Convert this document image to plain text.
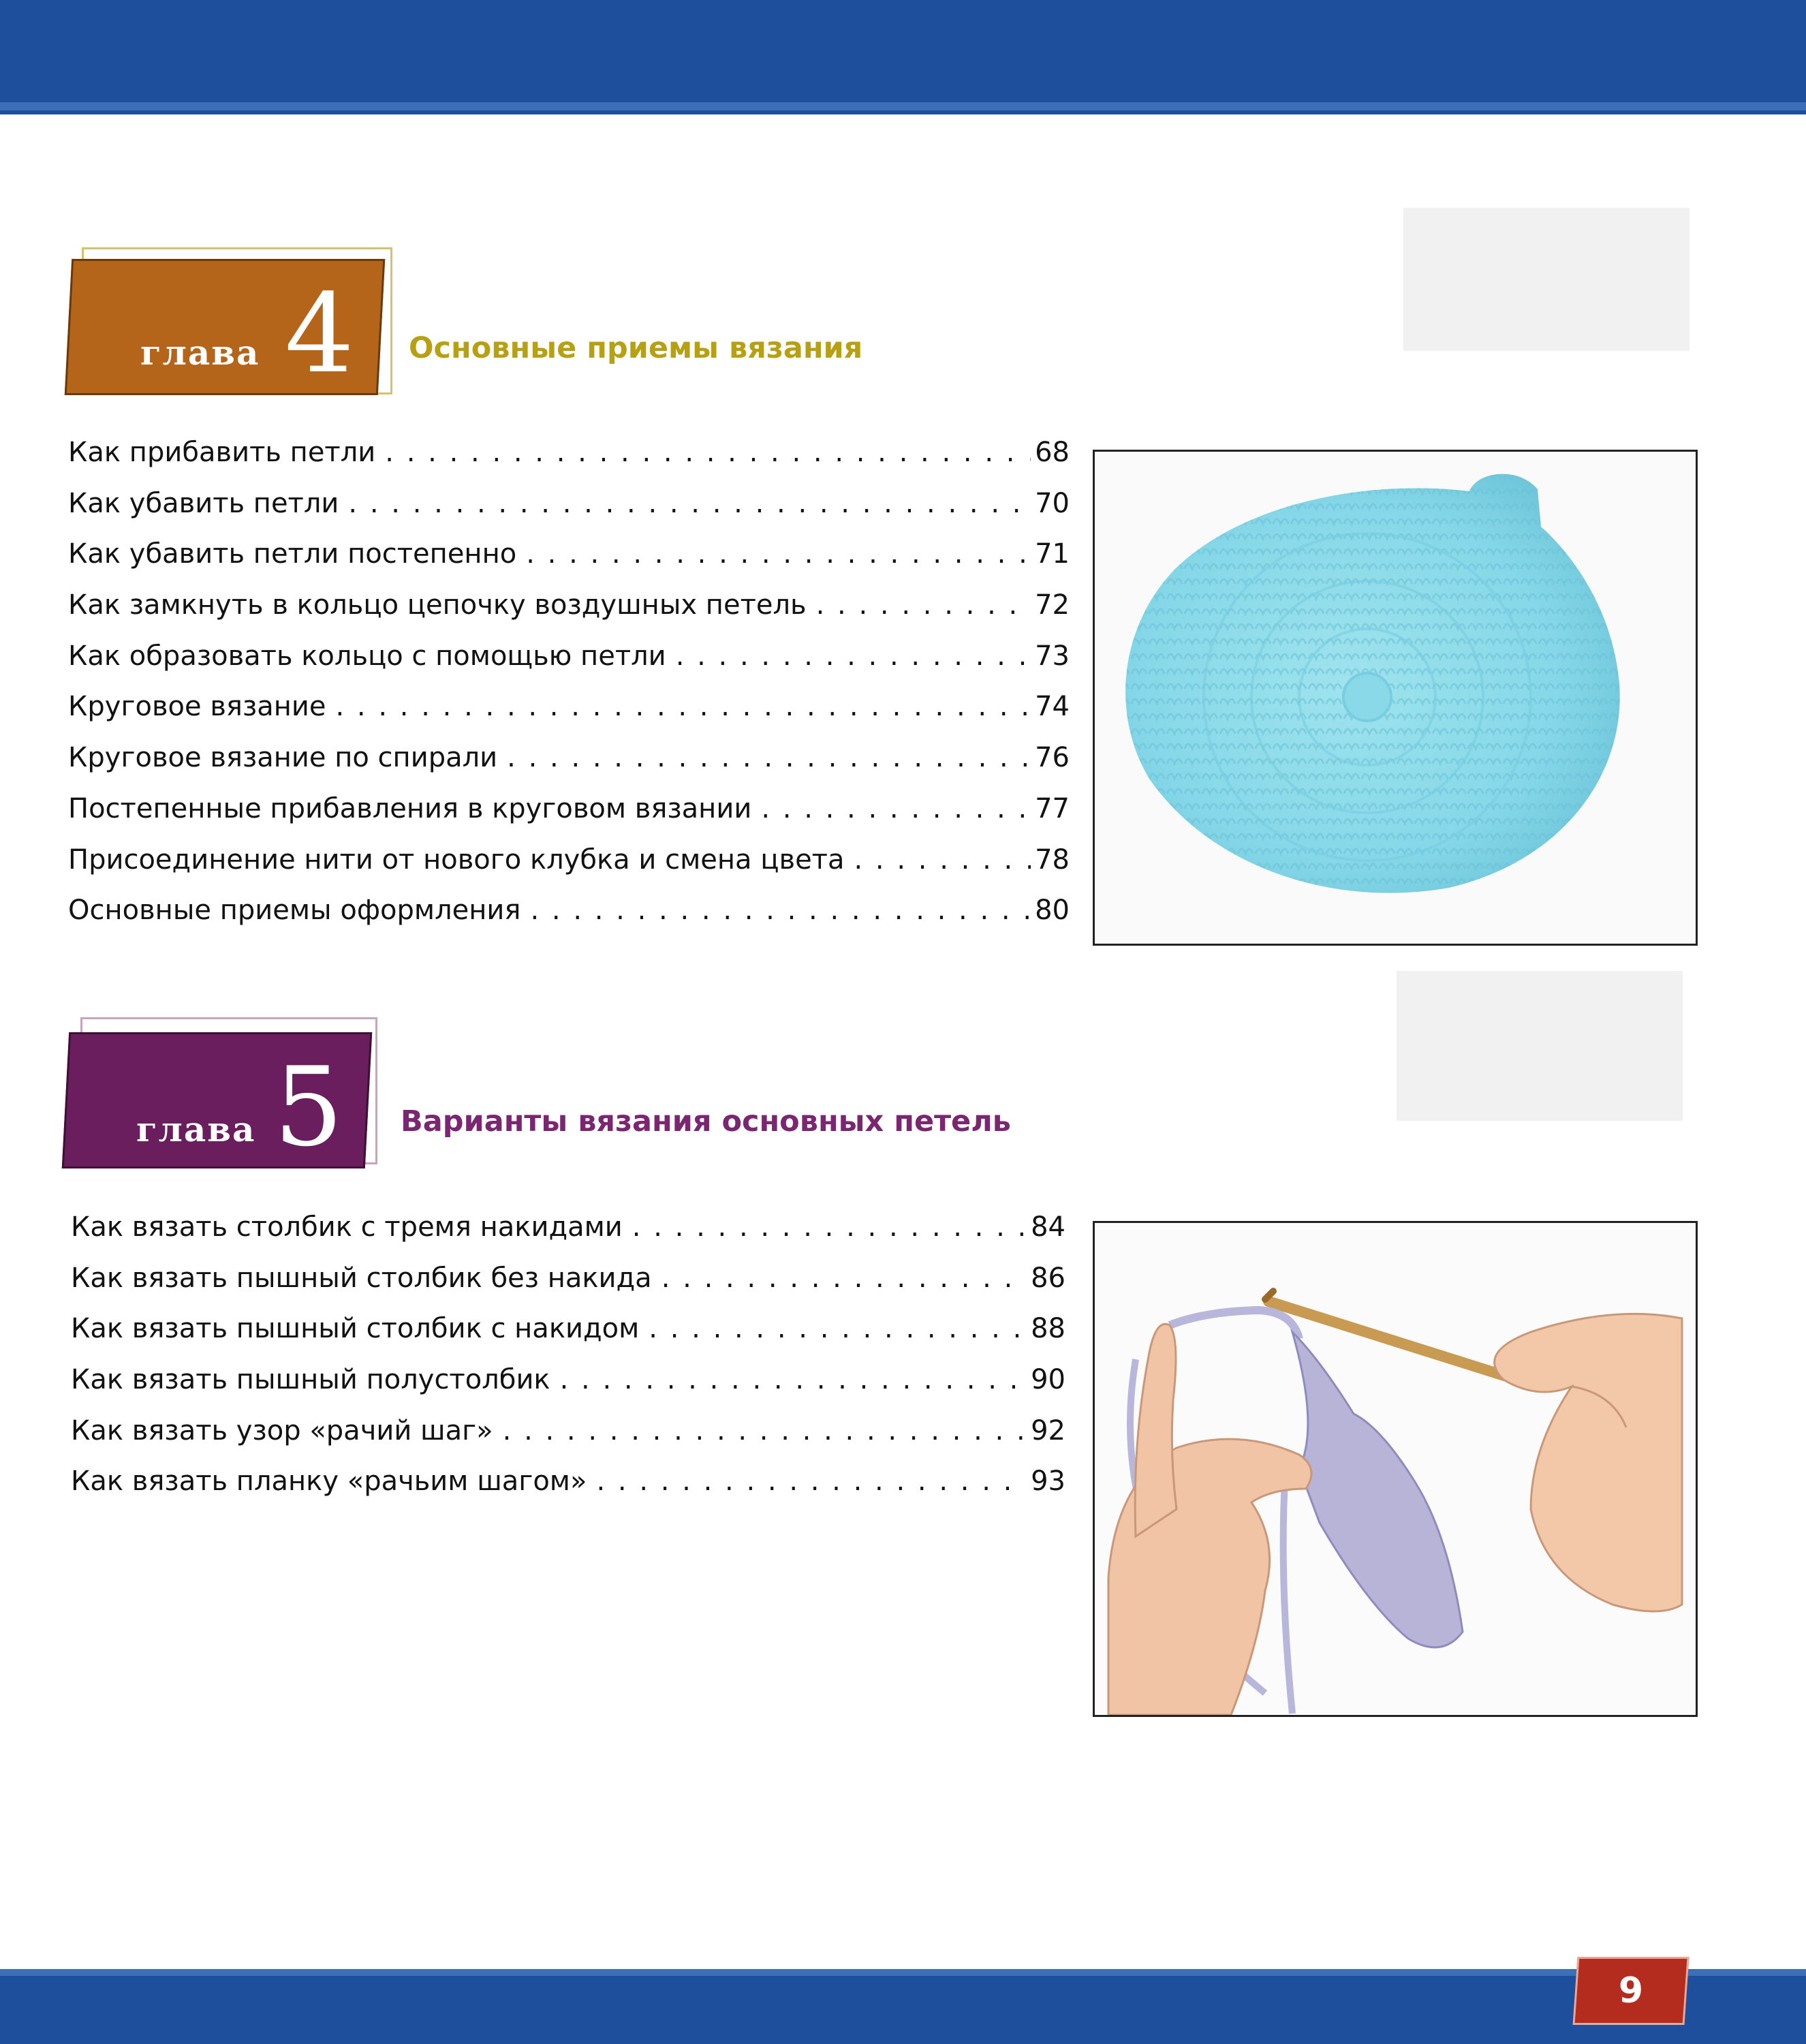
глава 4 Основные приемы вязания
Как прибавить петли . . .	68
Как убавить петли . . .	70
Как убавить петли постепенно . . .	71
Как замкнуть в кольцо цепочку воздушных петель . . .	72
Как образовать кольцо с помощью петли . . .	73
Круговое вязание . . .	74
Круговое вязание по спирали . . .	76
Постепенные прибавления в круговом вязании . . .	77
Присоединение нити от нового клубка и смена цвета . . .	78
Основные приемы оформления . . .	80
глава 5 Варианты вязания основных петель
Как вязать столбик с тремя накидами . . .	84
Как вязать пышный столбик без накида . . .	86
Как вязать пышный столбик с накидом . . .	88
Как вязать пышный полустолбик . . .	90
Как вязать узор «рачий шаг» . . .	92
Как вязать планку «рачьим шагом» . . .	93
9
